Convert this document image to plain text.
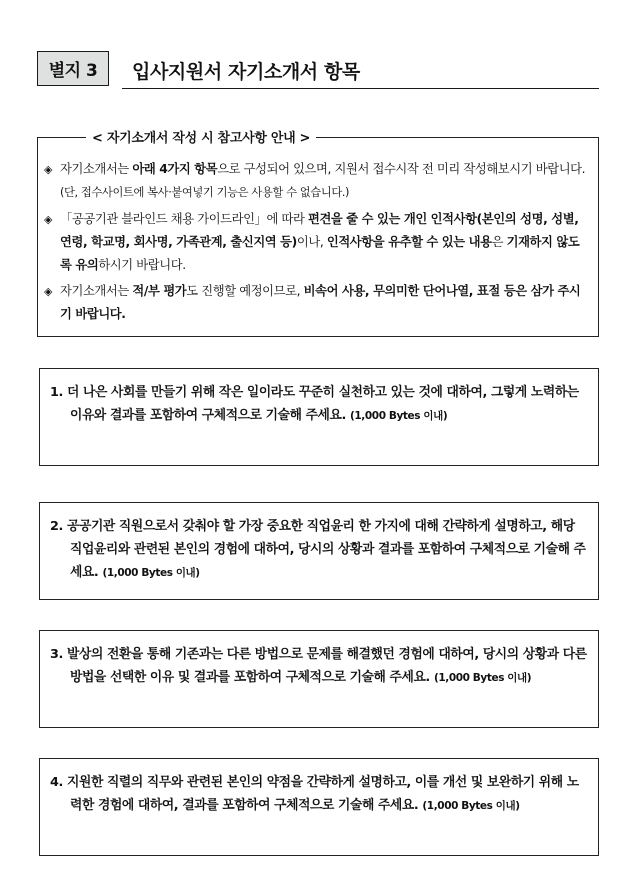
별지 3	입사지원서 자기소개서 항목
< 자기소개서 작성 시 참고사항 안내 >
◈ 자기소개서는 아래 4가지 항목으로 구성되어 있으며, 지원서 접수시작 전 미리 작성해보시기 바랍니다.(단, 접수사이트에 복사·붙여넣기 기능은 사용할 수 없습니다.)
◈ 「공공기관 블라인드 채용 가이드라인」에 따라 편견을 줄 수 있는 개인 인적사항(본인의 성명, 성별, 연령, 학교명, 회사명, 가족관계, 출신지역 등)이나, 인적사항을 유추할 수 있는 내용은 기재하지 않도록 유의하시기 바랍니다.
◈ 자기소개서는 적/부 평가도 진행할 예정이므로, 비속어 사용, 무의미한 단어나열, 표절 등은 삼가 주시기 바랍니다.
1. 더 나은 사회를 만들기 위해 작은 일이라도 꾸준히 실천하고 있는 것에 대하여, 그렇게 노력하는 이유와 결과를 포함하여 구체적으로 기술해 주세요. (1,000 Bytes 이내)
2. 공공기관 직원으로서 갖춰야 할 가장 중요한 직업윤리 한 가지에 대해 간략하게 설명하고, 해당 직업윤리와 관련된 본인의 경험에 대하여, 당시의 상황과 결과를 포함하여 구체적으로 기술해 주세요. (1,000 Bytes 이내)
3. 발상의 전환을 통해 기존과는 다른 방법으로 문제를 해결했던 경험에 대하여, 당시의 상황과 다른 방법을 선택한 이유 및 결과를 포함하여 구체적으로 기술해 주세요. (1,000 Bytes 이내)
4. 지원한 직렬의 직무와 관련된 본인의 약점을 간략하게 설명하고, 이를 개선 및 보완하기 위해 노력한 경험에 대하여, 결과를 포함하여 구체적으로 기술해 주세요. (1,000 Bytes 이내)
